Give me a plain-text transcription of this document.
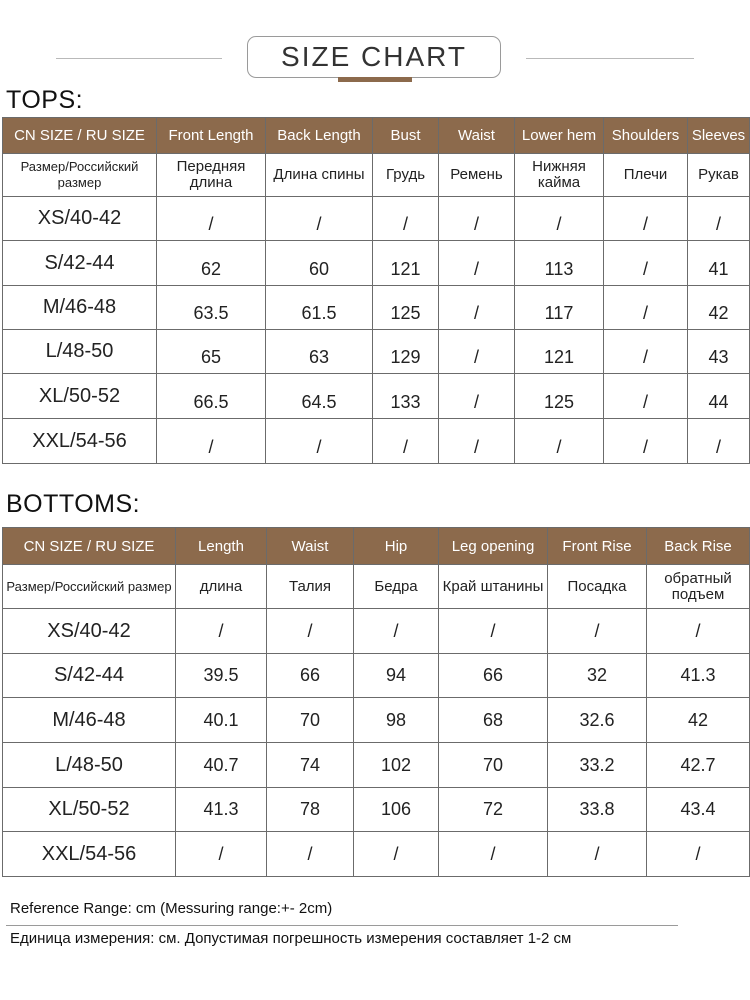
SIZE CHART
TOPS:
CN SIZE / RU SIZE	Front Length	Back Length	Bust	Waist	Lower hem	Shoulders	Sleeves
Размер/Российский размер	Передняя длина	Длина спины	Грудь	Ремень	Нижняя кайма	Плечи	Рукав
XS/40-42	/	/	/	/	/	/	/
S/42-44	62	60	121	/	113	/	41
M/46-48	63.5	61.5	125	/	117	/	42
L/48-50	65	63	129	/	121	/	43
XL/50-52	66.5	64.5	133	/	125	/	44
XXL/54-56	/	/	/	/	/	/	/
BOTTOMS:
CN SIZE / RU SIZE	Length	Waist	Hip	Leg opening	Front Rise	Back Rise
Размер/Российский размер	длина	Талия	Бедра	Край штанины	Посадка	обратный подъем
XS/40-42	/	/	/	/	/	/
S/42-44	39.5	66	94	66	32	41.3
M/46-48	40.1	70	98	68	32.6	42
L/48-50	40.7	74	102	70	33.2	42.7
XL/50-52	41.3	78	106	72	33.8	43.4
XXL/54-56	/	/	/	/	/	/
Reference Range: cm (Messuring range:+- 2cm)
Единица измерения: см. Допустимая погрешность измерения составляет 1-2 см
